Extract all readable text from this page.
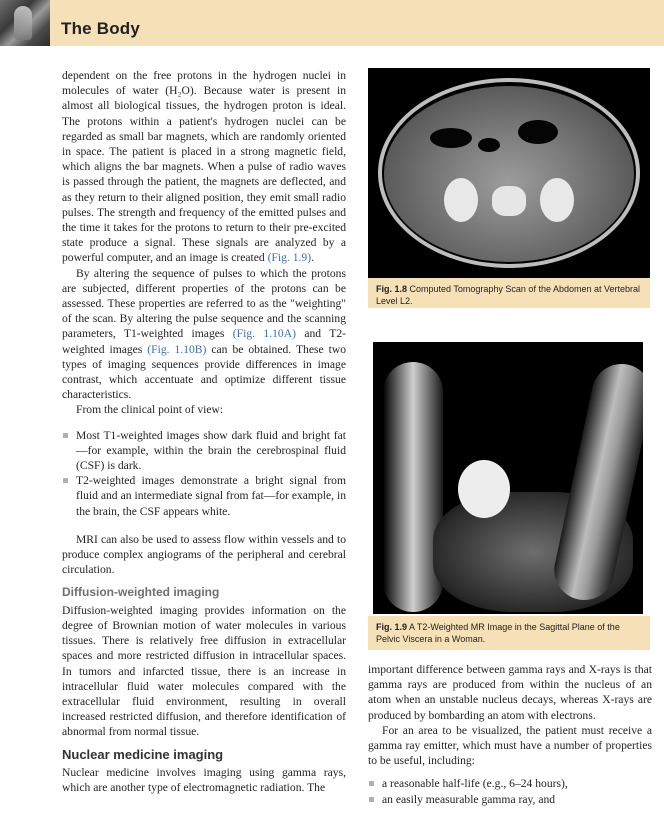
The Body

dependent on the free protons in the hydrogen nuclei in molecules of water (H₂O). Because water is present in almost all biological tissues, the hydrogen proton is ideal. The protons within a patient's hydrogen nuclei can be regarded as small bar magnets, which are randomly oriented in space. The patient is placed in a strong magnetic field, which aligns the bar magnets. When a pulse of radio waves is passed through the patient, the magnets are deflected, and as they return to their aligned position, they emit small radio pulses. The strength and frequency of the emitted pulses and the time it takes for the protons to return to their pre-excited state produce a signal. These signals are analyzed by a powerful computer, and an image is created (Fig. 1.9).

By altering the sequence of pulses to which the protons are subjected, different properties of the protons can be assessed. These properties are referred to as the "weighting" of the scan. By altering the pulse sequence and the scanning parameters, T1-weighted images (Fig. 1.10A) and T2-weighted images (Fig. 1.10B) can be obtained. These two types of imaging sequences provide differences in image contrast, which accentuate and optimize different tissue characteristics.

From the clinical point of view:

Most T1-weighted images show dark fluid and bright fat—for example, within the brain the cerebrospinal fluid (CSF) is dark.
T2-weighted images demonstrate a bright signal from fluid and an intermediate signal from fat—for example, in the brain, the CSF appears white.

MRI can also be used to assess flow within vessels and to produce complex angiograms of the peripheral and cerebral circulation.

Diffusion-weighted imaging

Diffusion-weighted imaging provides information on the degree of Brownian motion of water molecules in various tissues. There is relatively free diffusion in extracellular spaces and more restricted diffusion in intracellular spaces. In tumors and infarcted tissue, there is an increase in intracellular fluid water molecules compared with the extracellular fluid environment, resulting in overall increased restricted diffusion, and therefore identification of abnormal from normal tissue.

Nuclear medicine imaging

Nuclear medicine involves imaging using gamma rays, which are another type of electromagnetic radiation. The

Fig. 1.8 Computed Tomography Scan of the Abdomen at Vertebral Level L2.
Fig. 1.9 A T2-Weighted MR Image in the Sagittal Plane of the Pelvic Viscera in a Woman.

important difference between gamma rays and X-rays is that gamma rays are produced from within the nucleus of an atom when an unstable nucleus decays, whereas X-rays are produced by bombarding an atom with electrons.

For an area to be visualized, the patient must receive a gamma ray emitter, which must have a number of properties to be useful, including:

a reasonable half-life (e.g., 6–24 hours),
an easily measurable gamma ray, and
